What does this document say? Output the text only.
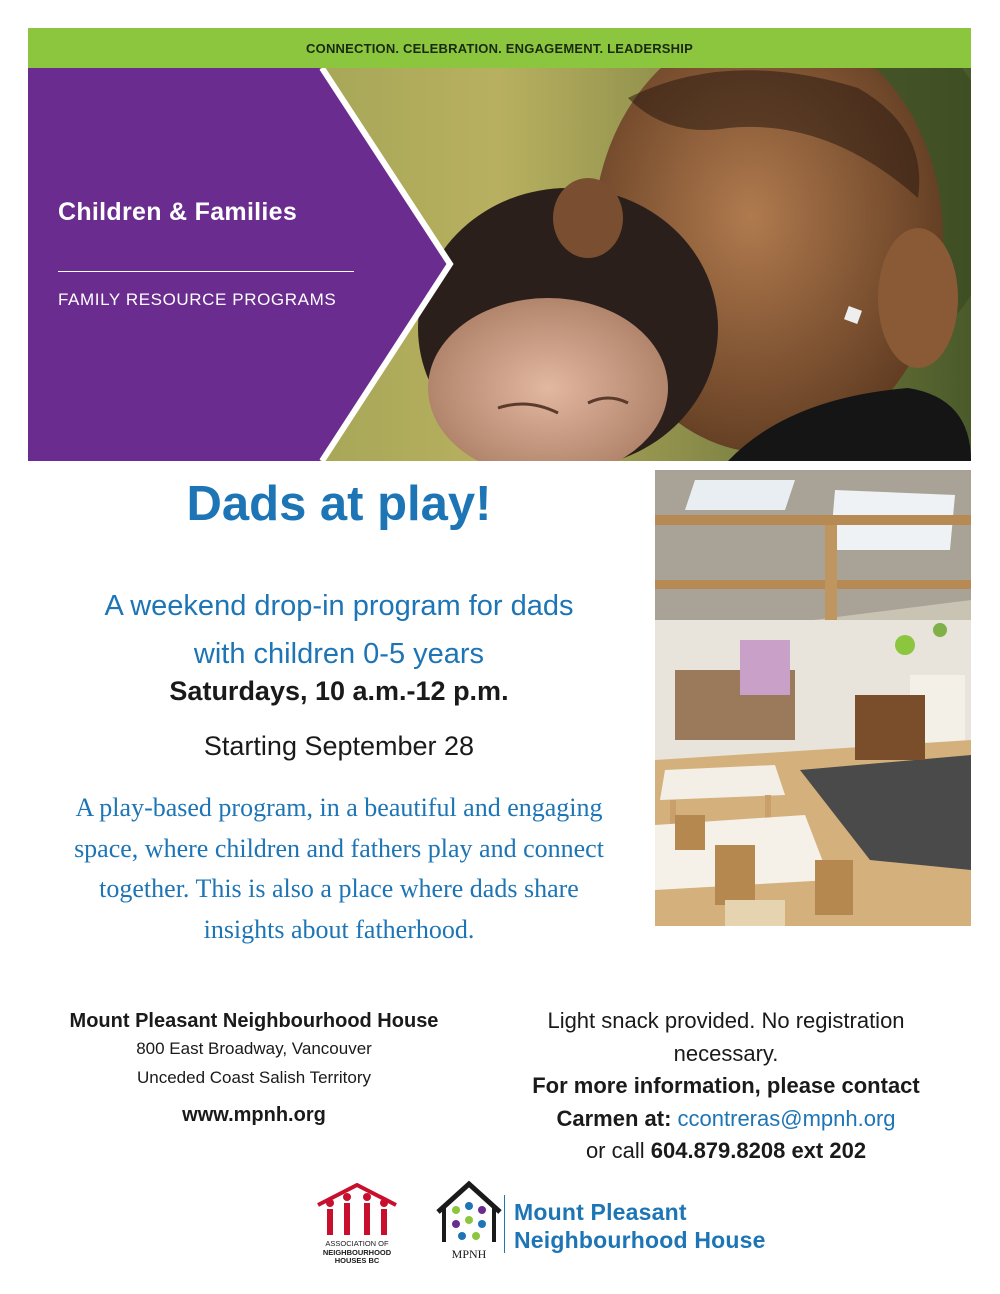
CONNECTION. CELEBRATION. ENGAGEMENT. LEADERSHIP
Children & Families
FAMILY RESOURCE PROGRAMS
Dads at play!
A weekend drop-in program for dads
with children 0-5 years
Saturdays, 10 a.m.-12 p.m.
Starting September 28
A play-based program, in a beautiful and engaging
space, where children and fathers play and connect
together. This is also a place where dads share
insights about fatherhood.
Mount Pleasant Neighbourhood House
800 East Broadway, Vancouver
Unceded Coast Salish Territory
www.mpnh.org
Light snack provided. No registration
necessary.
For more information, please contact
Carmen at: ccontreras@mpnh.org
or call 604.879.8208 ext 202
ASSOCIATION OF
NEIGHBOURHOOD
HOUSES BC	MPNH
Mount Pleasant
Neighbourhood House
